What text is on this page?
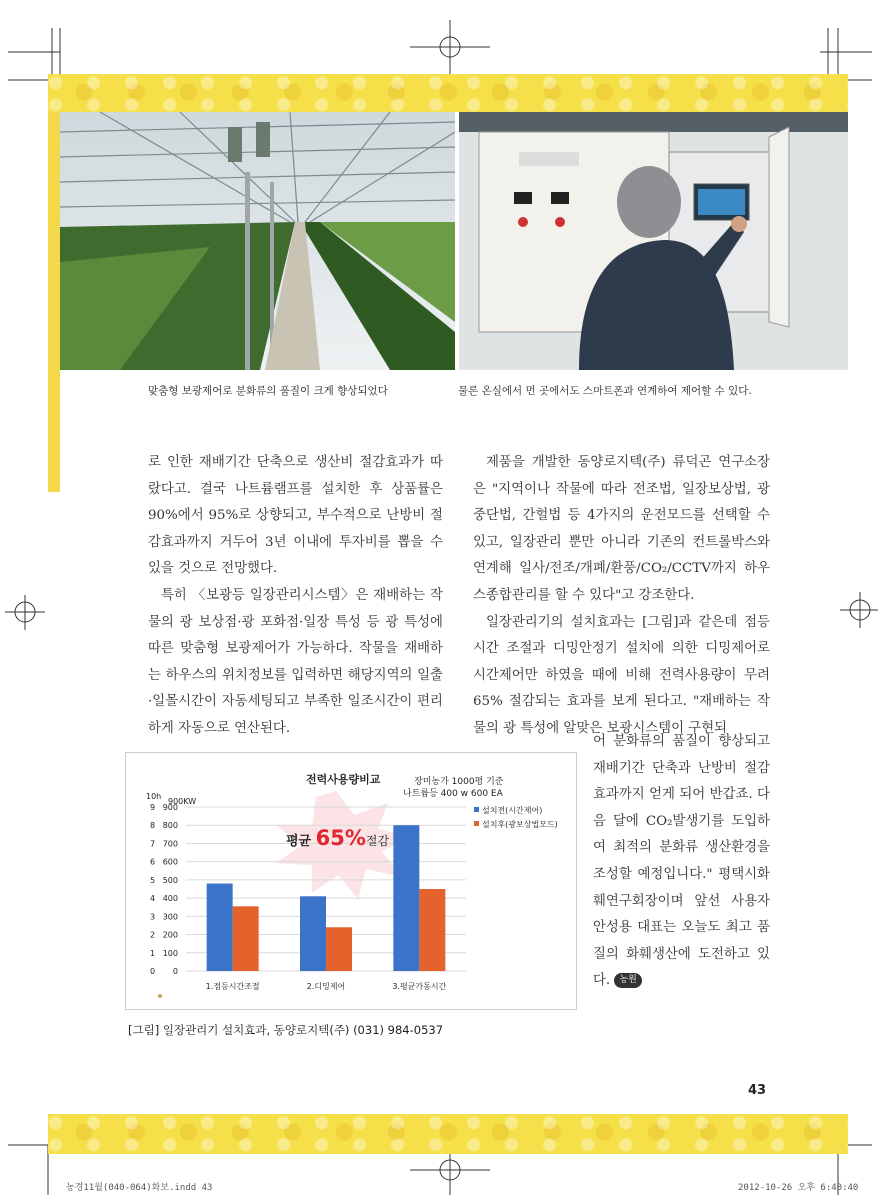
맞춤형 보광제어로 분화류의 품질이 크게 향상되었다	물론 온실에서 먼 곳에서도 스마트폰과 연계하여 제어할 수 있다.

로 인한 재배기간 단축으로 생산비 절감효과가 따랐다고. 결국 나트륨램프를 설치한 후 상품률은 90%에서 95%로 상향되고, 부수적으로 난방비 절감효과까지 거두어 3년 이내에 투자비를 뽑을 수 있을 것으로 전망했다.

특히 〈보광등 일장관리시스템〉은 재배하는 작물의 광 보상점·광 포화점·일장 특성 등 광 특성에 따른 맞춤형 보광제어가 가능하다. 작물을 재배하는 하우스의 위치정보를 입력하면 해당지역의 일출·일몰시간이 자동세팅되고 부족한 일조시간이 편리하게 자동으로 연산된다.

제품을 개발한 동양로지텍(주) 류덕곤 연구소장은 "지역이나 작물에 따라 전조법, 일장보상법, 광중단법, 간헐법 등 4가지의 운전모드를 선택할 수 있고, 일장관리 뿐만 아니라 기존의 컨트롤박스와 연계해 일사/전조/개폐/환풍/CO₂/CCTV까지 하우스종합관리를 할 수 있다"고 강조한다.

일장관리기의 설치효과는 [그림]과 같은데 점등시간 조절과 디밍안정기 설치에 의한 디밍제어로 시간제어만 하였을 때에 비해 전력사용량이 무려 65% 절감되는 효과를 보게 된다고. "재배하는 작물의 광 특성에 알맞은 보광시스템이 구현되

어 분화류의 품질이 향상되고 재배기간 단축과 난방비 절감효과까지 얻게 되어 반갑죠. 다음 달에 CO₂발생기를 도입하여 최적의 분화류 생산환경을 조성할 예정입니다." 평택시화훼연구회장이며 앞선 사용자 안성용 대표는 오늘도 최고 품질의 화훼생산에 도전하고 있다. 농원

전력사용량비교	장미농가 1000평 기준
나트륨등 400 w 600 EA
10h
900KW
900
800
700
600
500
400
300
200
100
0
9
8
7
6
5
4
3
2
1
0
1.점등시간조절	2.디밍제어	3.평균가동시간
설치전(시간제어)
설치후(광보상법모드)
평균 65%절감
[그림] 일장관리기 설치효과, 동양로지텍(주) (031) 984-0537
43
농경11월(040-064)화보.indd 43	2012-10-26 오후 6:40:40
